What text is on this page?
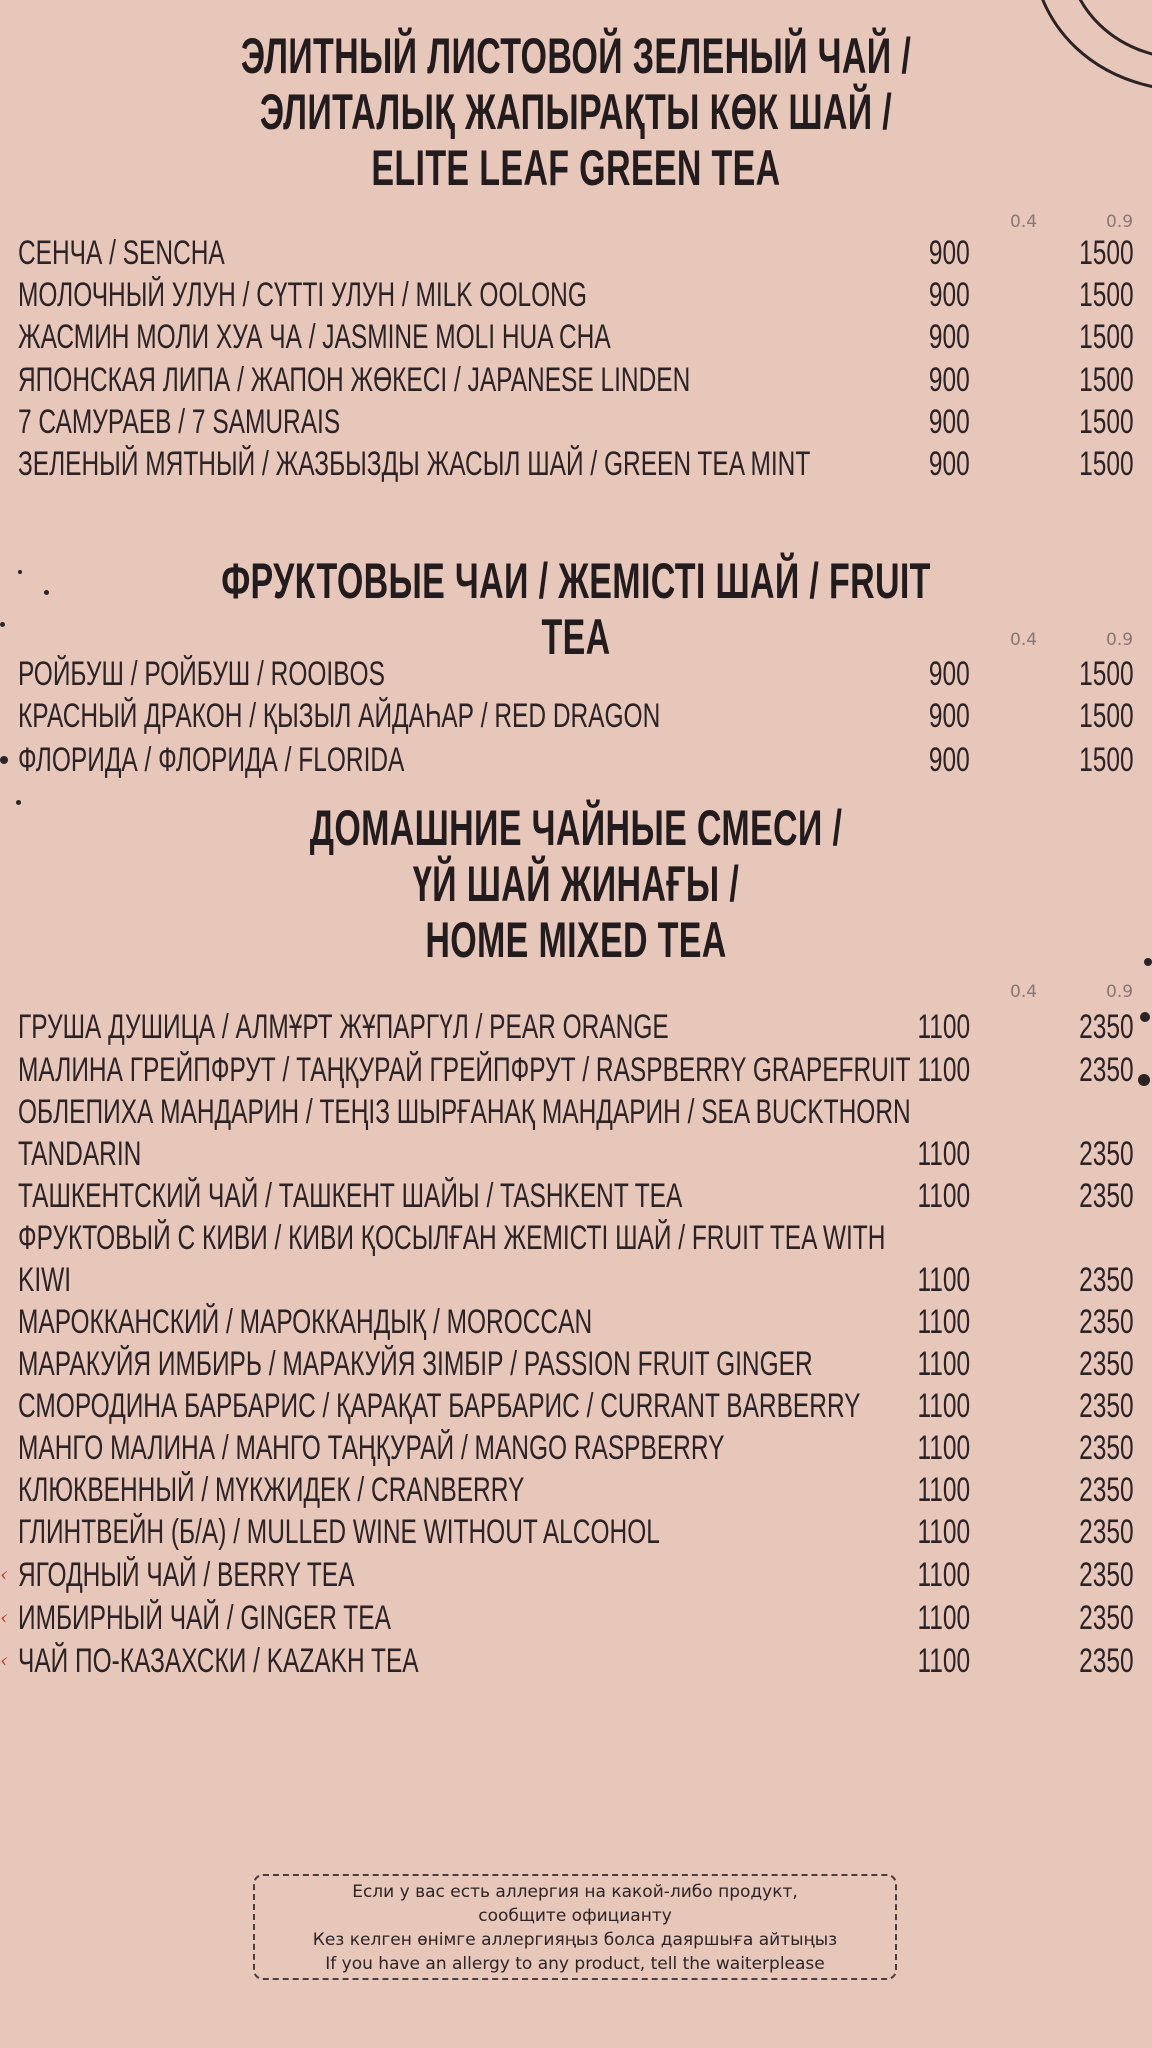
ЭЛИТНЫЙ ЛИСТОВОЙ ЗЕЛЕНЫЙ ЧАЙ /
ЭЛИТАЛЫҚ ЖАПЫРАҚТЫ КӨК ШАЙ /
ELITE LEAF GREEN TEA
0.4	0.9
СЕНЧА / SENCHA	900	1500
МОЛОЧНЫЙ УЛУН / СҮТТІ УЛУН / MILK OOLONG	900	1500
ЖАСМИН МОЛИ ХУА ЧА / JASMINE MOLI HUA CHA	900	1500
ЯПОНСКАЯ ЛИПА / ЖАПОН ЖӨКЕСІ / JAPANESE LINDEN	900	1500
7 САМУРАЕВ / 7 SAMURAIS	900	1500
ЗЕЛЕНЫЙ МЯТНЫЙ / ЖАЗБЫЗДЫ ЖАСЫЛ ШАЙ / GREEN TEA MINT	900	1500
ФРУКТОВЫЕ ЧАИ / ЖЕМІСТІ ШАЙ / FRUIT TEA	0.4	0.9
РОЙБУШ / РОЙБУШ / ROOIBOS	900	1500
КРАСНЫЙ ДРАКОН / ҚЫЗЫЛ АЙДАҺАР / RED DRAGON	900	1500
ФЛОРИДА / ФЛОРИДА / FLORIDA	900	1500
ДОМАШНИЕ ЧАЙНЫЕ СМЕСИ /
ҮЙ ШАЙ ЖИНАҒЫ /
HOME MIXED TEA
0.4	0.9
ГРУША ДУШИЦА / АЛМҰРТ ЖҰПАРГҮЛ / PEAR ORANGE	1100	2350
МАЛИНА ГРЕЙПФРУТ / ТАҢҚУРАЙ ГРЕЙПФРУТ / RASPBERRY GRAPEFRUIT 1100	2350
ОБЛЕПИХА МАНДАРИН / ТЕҢІЗ ШЫРҒАНАҚ МАНДАРИН / SEA BUCKTHORN
TANDARIN	1100	2350
ТАШКЕНТСКИЙ ЧАЙ / ТАШКЕНТ ШАЙЫ / TASHKENT TEA	1100	2350
ФРУКТОВЫЙ С КИВИ / КИВИ ҚОСЫЛҒАН ЖЕМІСТІ ШАЙ / FRUIT TEA WITH
KIWI	1100	2350
МАРОККАНСКИЙ / МАРОККАНДЫҚ / MOROCCAN	1100	2350
МАРАКУЙЯ ИМБИРЬ / МАРАКУЙЯ ЗІМБІР / PASSION FRUIT GINGER	1100	2350
СМОРОДИНА БАРБАРИС / ҚАРАҚАТ БАРБАРИС / CURRANT BARBERRY 1100	2350
МАНГО МАЛИНА / МАНГО ТАҢҚУРАЙ / MANGO RASPBERRY	1100	2350
КЛЮКВЕННЫЙ / МҮКЖИДЕК / CRANBERRY	1100	2350
ГЛИНТВЕЙН (Б/А) / MULLED WINE WITHOUT ALCOHOL	1100	2350
ЯГОДНЫЙ ЧАЙ / BERRY TEA	1100	2350
ИМБИРНЫЙ ЧАЙ / GINGER TEA	1100	2350
ЧАЙ ПО-КАЗАХСКИ / KAZAKH TEA	1100	2350
‹
‹
‹
Если у вас есть аллергия на какой-либо продукт,
сообщите официанту
Кез келген өнімге аллергияңыз болса даяршыға айтыңыз
If you have an allergy to any product, tell the waiterplease
